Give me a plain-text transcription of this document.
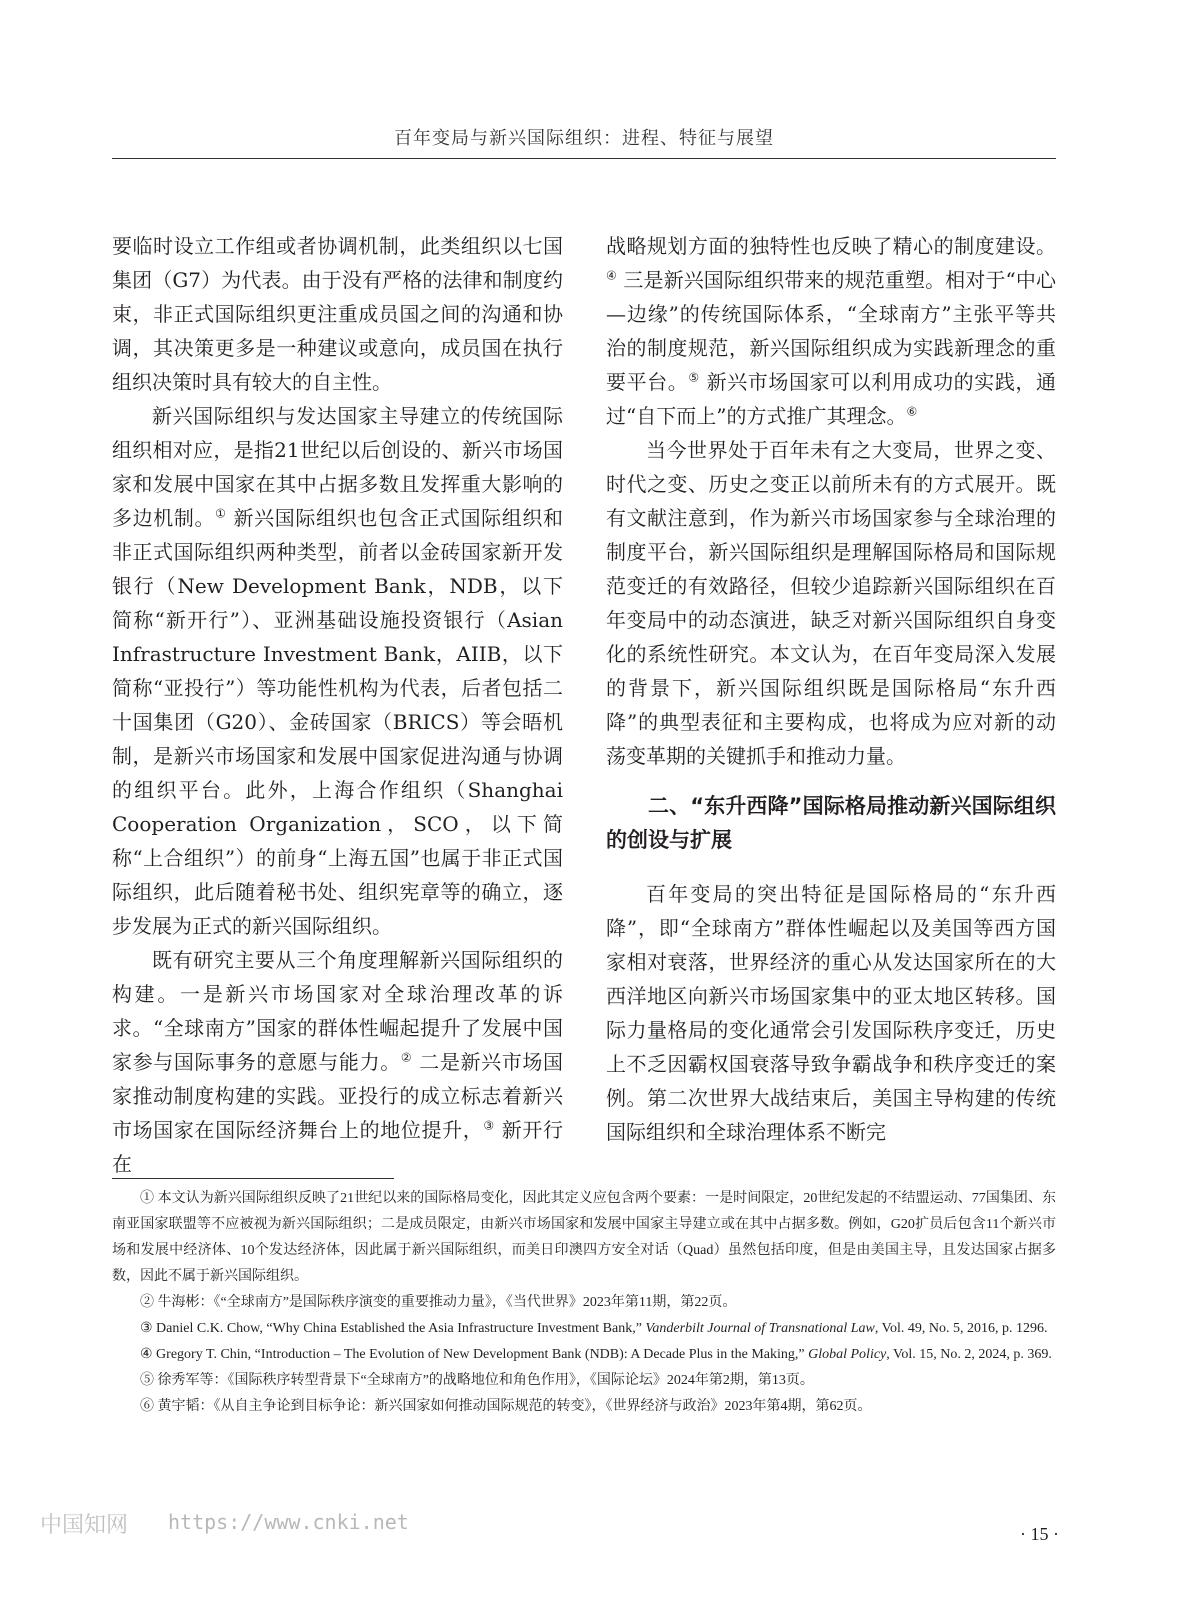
百年变局与新兴国际组织：进程、特征与展望

要临时设立工作组或者协调机制，此类组织以七国集团（G7）为代表。由于没有严格的法律和制度约束，非正式国际组织更注重成员国之间的沟通和协调，其决策更多是一种建议或意向，成员国在执行组织决策时具有较大的自主性。

新兴国际组织与发达国家主导建立的传统国际组织相对应，是指21世纪以后创设的、新兴市场国家和发展中国家在其中占据多数且发挥重大影响的多边机制。① 新兴国际组织也包含正式国际组织和非正式国际组织两种类型，前者以金砖国家新开发银行（New Development Bank，NDB，以下简称“新开行”）、亚洲基础设施投资银行（Asian Infrastructure Investment Bank，AIIB，以下简称“亚投行”）等功能性机构为代表，后者包括二十国集团（G20）、金砖国家（BRICS）等会晤机制，是新兴市场国家和发展中国家促进沟通与协调的组织平台。此外，上海合作组织（Shanghai Cooperation Organization，SCO，以下简称“上合组织”）的前身“上海五国”也属于非正式国际组织，此后随着秘书处、组织宪章等的确立，逐步发展为正式的新兴国际组织。

既有研究主要从三个角度理解新兴国际组织的构建。一是新兴市场国家对全球治理改革的诉求。“全球南方”国家的群体性崛起提升了发展中国家参与国际事务的意愿与能力。② 二是新兴市场国家推动制度构建的实践。亚投行的成立标志着新兴市场国家在国际经济舞台上的地位提升，③ 新开行在

战略规划方面的独特性也反映了精心的制度建设。④ 三是新兴国际组织带来的规范重塑。相对于“中心—边缘”的传统国际体系，“全球南方”主张平等共治的制度规范，新兴国际组织成为实践新理念的重要平台。⑤ 新兴市场国家可以利用成功的实践，通过“自下而上”的方式推广其理念。⑥

当今世界处于百年未有之大变局，世界之变、时代之变、历史之变正以前所未有的方式展开。既有文献注意到，作为新兴市场国家参与全球治理的制度平台，新兴国际组织是理解国际格局和国际规范变迁的有效路径，但较少追踪新兴国际组织在百年变局中的动态演进，缺乏对新兴国际组织自身变化的系统性研究。本文认为，在百年变局深入发展的背景下，新兴国际组织既是国际格局“东升西降”的典型表征和主要构成，也将成为应对新的动荡变革期的关键抓手和推动力量。

二、“东升西降”国际格局推动新兴国际组织的创设与扩展

百年变局的突出特征是国际格局的“东升西降”，即“全球南方”群体性崛起以及美国等西方国家相对衰落，世界经济的重心从发达国家所在的大西洋地区向新兴市场国家集中的亚太地区转移。国际力量格局的变化通常会引发国际秩序变迁，历史上不乏因霸权国衰落导致争霸战争和秩序变迁的案例。第二次世界大战结束后，美国主导构建的传统国际组织和全球治理体系不断完

① 本文认为新兴国际组织反映了21世纪以来的国际格局变化，因此其定义应包含两个要素：一是时间限定，20世纪发起的不结盟运动、77国集团、东南亚国家联盟等不应被视为新兴国际组织；二是成员限定，由新兴市场国家和发展中国家主导建立或在其中占据多数。例如，G20扩员后包含11个新兴市场和发展中经济体、10个发达经济体，因此属于新兴国际组织，而美日印澳四方安全对话（Quad）虽然包括印度，但是由美国主导，且发达国家占据多数，因此不属于新兴国际组织。

② 牛海彬：《“全球南方”是国际秩序演变的重要推动力量》，《当代世界》2023年第11期，第22页。

③ Daniel C.K. Chow, “Why China Established the Asia Infrastructure Investment Bank,” Vanderbilt Journal of Transnational Law, Vol. 49, No. 5, 2016, p. 1296.

④ Gregory T. Chin, “Introduction – The Evolution of New Development Bank (NDB): A Decade Plus in the Making,” Global Policy, Vol. 15, No. 2, 2024, p. 369.

⑤ 徐秀军等：《国际秩序转型背景下“全球南方”的战略地位和角色作用》，《国际论坛》2024年第2期，第13页。

⑥ 黄宇韬：《从自主争论到目标争论：新兴国家如何推动国际规范的转变》，《世界经济与政治》2023年第4期，第62页。

中国知网 https://www.cnki.net	· 15 ·
